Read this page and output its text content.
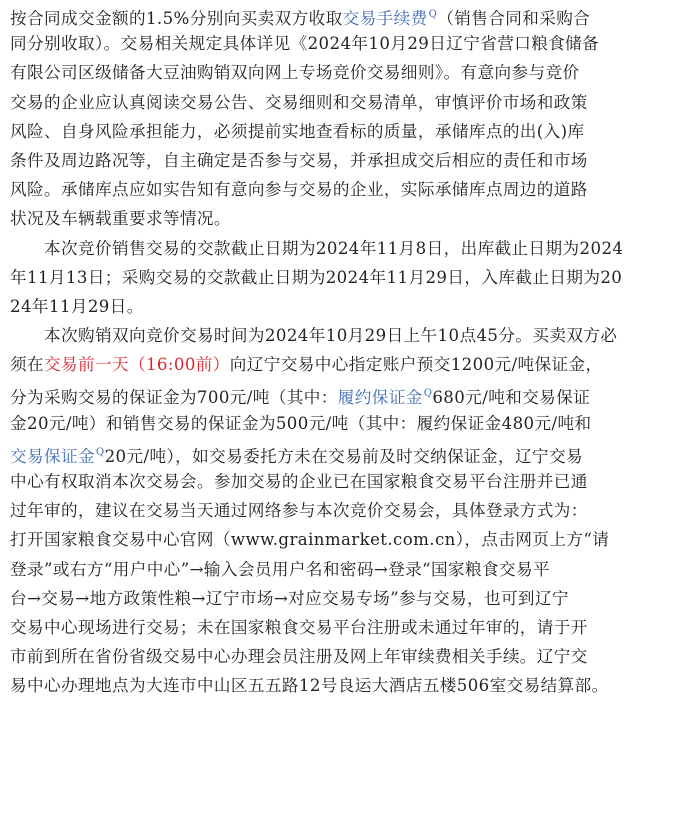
按合同成交金额的1.5%分别向买卖双方收取交易手续费$^Q$（销售合同和采购合
同分别收取）。交易相关规定具体详见《2024年10月29日辽宁省营口粮食储备
有限公司区级储备大豆油购销双向网上专场竞价交易细则》。有意向参与竞价
交易的企业应认真阅读交易公告、交易细则和交易清单，审慎评价市场和政策
风险、自身风险承担能力，必须提前实地查看标的质量，承储库点的出(入)库
条件及周边路况等，自主确定是否参与交易，并承担成交后相应的责任和市场
风险。承储库点应如实告知有意向参与交易的企业，实际承储库点周边的道路
状况及车辆载重要求等情况。
本次竞价销售交易的交款截止日期为2024年11月8日，出库截止日期为2024
年11月13日；采购交易的交款截止日期为2024年11月29日，入库截止日期为20
24年11月29日。
本次购销双向竞价交易时间为2024年10月29日上午10点45分。买卖双方必
须在交易前一天（16:00前）向辽宁交易中心指定账户预交1200元/吨保证金，
分为采购交易的保证金为700元/吨（其中：履约保证金$^Q$680元/吨和交易保证
金20元/吨）和销售交易的保证金为500元/吨（其中：履约保证金480元/吨和
交易保证金$^Q$20元/吨），如交易委托方未在交易前及时交纳保证金，辽宁交易
中心有权取消本次交易会。参加交易的企业已在国家粮食交易平台注册并已通
过年审的，建议在交易当天通过网络参与本次竞价交易会，具体登录方式为：
打开国家粮食交易中心官网（www.grainmarket.com.cn），点击网页上方“请
登录”或右方“用户中心”→输入会员用户名和密码→登录“国家粮食交易平
台→交易→地方政策性粮→辽宁市场→对应交易专场”参与交易，也可到辽宁
交易中心现场进行交易；未在国家粮食交易平台注册或未通过年审的，请于开
市前到所在省份省级交易中心办理会员注册及网上年审续费相关手续。辽宁交
易中心办理地点为大连市中山区五五路12号良运大酒店五楼506室交易结算部。
